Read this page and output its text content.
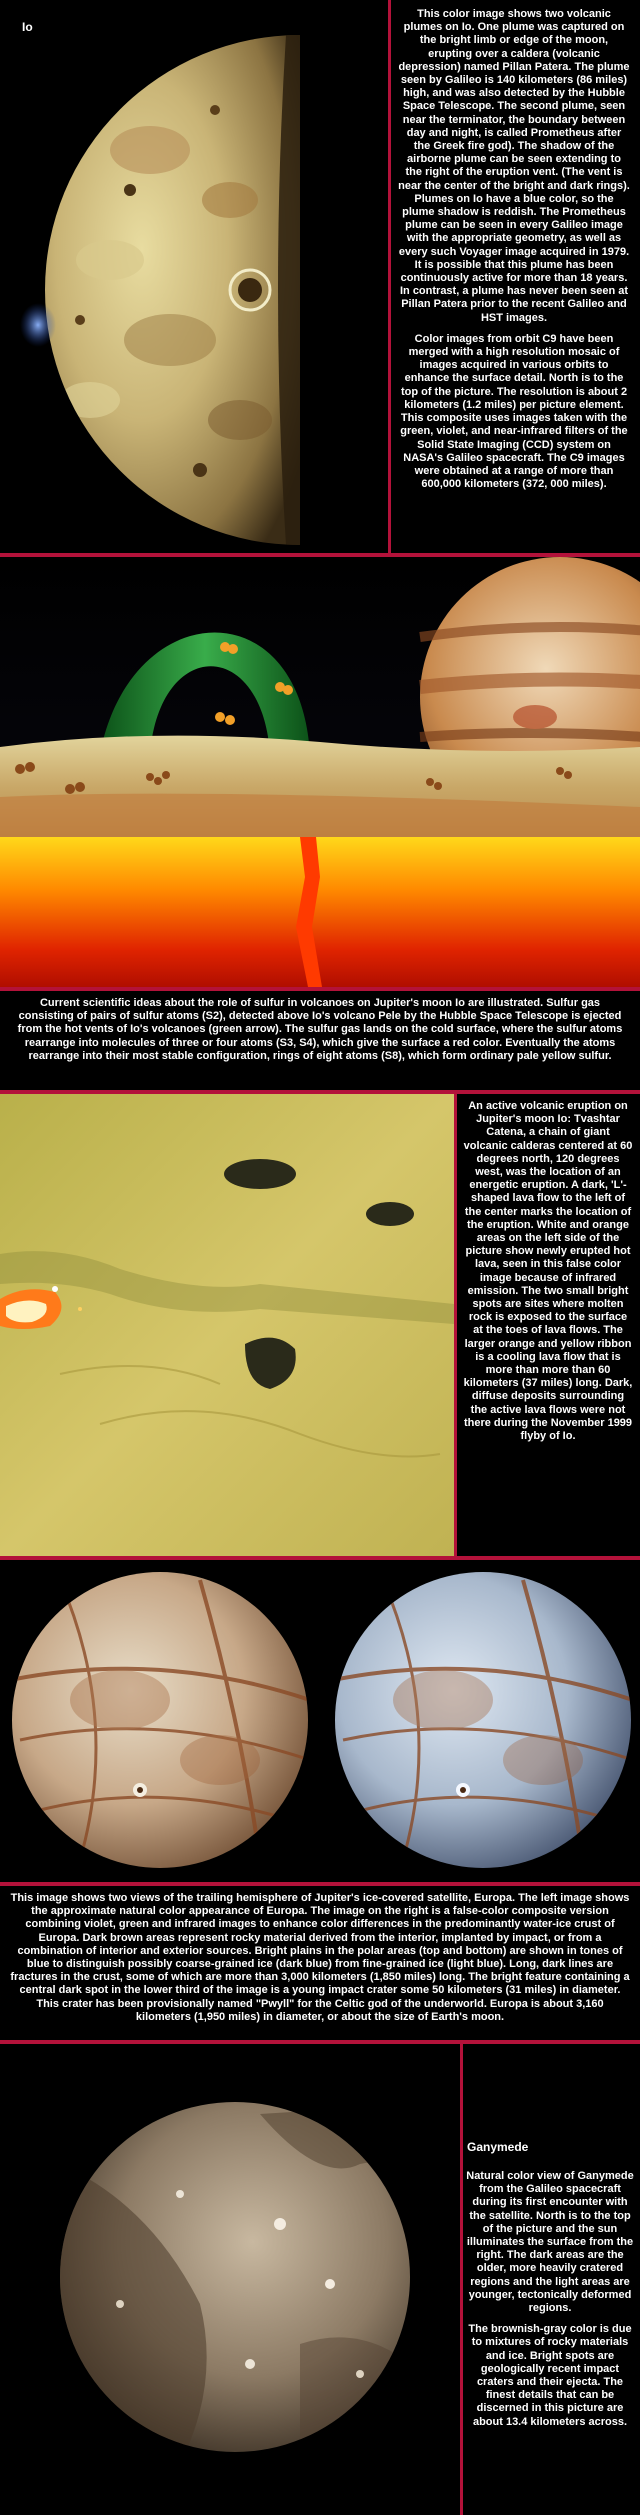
Io

This color image shows two volcanic plumes on Io. One plume was captured on the bright limb or edge of the moon, erupting over a caldera (volcanic depression) named Pillan Patera. The plume seen by Galileo is 140 kilometers (86 miles) high, and was also detected by the Hubble Space Telescope. The second plume, seen near the terminator, the boundary between day and night, is called Prometheus after the Greek fire god). The shadow of the airborne plume can be seen extending to the right of the eruption vent. (The vent is near the center of the bright and dark rings). Plumes on Io have a blue color, so the plume shadow is reddish. The Prometheus plume can be seen in every Galileo image with the appropriate geometry, as well as every such Voyager image acquired in 1979. It is possible that this plume has been continuously active for more than 18 years. In contrast, a plume has never been seen at Pillan Patera prior to the recent Galileo and HST images.

Color images from orbit C9 have been merged with a high resolution mosaic of images acquired in various orbits to enhance the surface detail. North is to the top of the picture. The resolution is about 2 kilometers (1.2 miles) per picture element. This composite uses images taken with the green, violet, and near-infrared filters of the Solid State Imaging (CCD) system on NASA's Galileo spacecraft. The C9 images were obtained at a range of more than 600,000 kilometers (372, 000 miles).

Current scientific ideas about the role of sulfur in volcanoes on Jupiter's moon Io are illustrated. Sulfur gas consisting of pairs of sulfur atoms (S2), detected above Io's volcano Pele by the Hubble Space Telescope is ejected from the hot vents of Io's volcanoes (green arrow). The sulfur gas lands on the cold surface, where the sulfur atoms rearrange into molecules of three or four atoms (S3, S4), which give the surface a red color. Eventually the atoms rearrange into their most stable configuration, rings of eight atoms (S8), which form ordinary pale yellow sulfur.
An active volcanic eruption on Jupiter's moon Io: Tvashtar Catena, a chain of giant volcanic calderas centered at 60 degrees north, 120 degrees west, was the location of an energetic eruption. A dark, 'L'-shaped lava flow to the left of the center marks the location of the eruption. White and orange areas on the left side of the picture show newly erupted hot lava, seen in this false color image because of infrared emission. The two small bright spots are sites where molten rock is exposed to the surface at the toes of lava flows. The larger orange and yellow ribbon is a cooling lava flow that is more than more than 60 kilometers (37 miles) long. Dark, diffuse deposits surrounding the active lava flows were not there during the November 1999 flyby of Io.
This image shows two views of the trailing hemisphere of Jupiter's ice-covered satellite, Europa. The left image shows the approximate natural color appearance of Europa. The image on the right is a false-color composite version combining violet, green and infrared images to enhance color differences in the predominantly water-ice crust of Europa. Dark brown areas represent rocky material derived from the interior, implanted by impact, or from a combination of interior and exterior sources. Bright plains in the polar areas (top and bottom) are shown in tones of blue to distinguish possibly coarse-grained ice (dark blue) from fine-grained ice (light blue). Long, dark lines are fractures in the crust, some of which are more than 3,000 kilometers (1,850 miles) long. The bright feature containing a central dark spot in the lower third of the image is a young impact crater some 50 kilometers (31 miles) in diameter. This crater has been provisionally named "Pwyll" for the Celtic god of the underworld. Europa is about 3,160 kilometers (1,950 miles) in diameter, or about the size of Earth's moon.
Ganymede

Natural color view of Ganymede from the Galileo spacecraft during its first encounter with the satellite. North is to the top of the picture and the sun illuminates the surface from the right. The dark areas are the older, more heavily cratered regions and the light areas are younger, tectonically deformed regions.

The brownish-gray color is due to mixtures of rocky materials and ice. Bright spots are geologically recent impact craters and their ejecta. The finest details that can be discerned in this picture are about 13.4 kilometers across.
